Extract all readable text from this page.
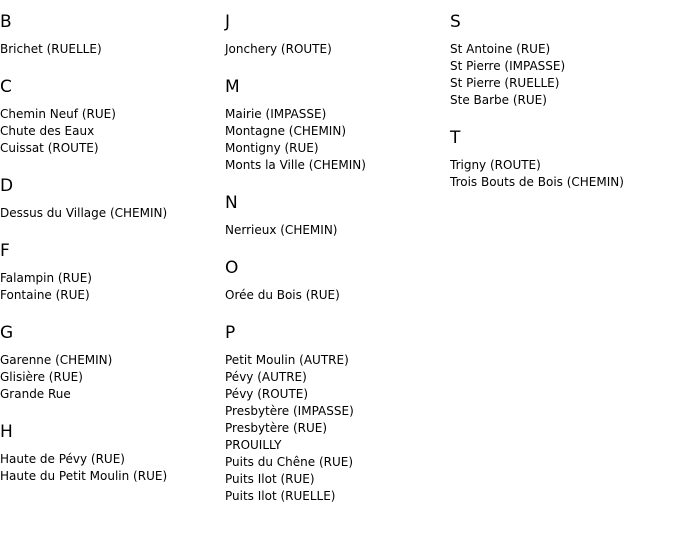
B
Brichet (RUELLE)
C
Chemin Neuf (RUE)
Chute des Eaux
Cuissat (ROUTE)
D
Dessus du Village (CHEMIN)
F
Falampin (RUE)
Fontaine (RUE)
G
Garenne (CHEMIN)
Glisière (RUE)
Grande Rue
H
Haute de Pévy (RUE)
Haute du Petit Moulin (RUE)
J
Jonchery (ROUTE)
M
Mairie (IMPASSE)
Montagne (CHEMIN)
Montigny (RUE)
Monts la Ville (CHEMIN)
N
Nerrieux (CHEMIN)
O
Orée du Bois (RUE)
P
Petit Moulin (AUTRE)
Pévy (AUTRE)
Pévy (ROUTE)
Presbytère (IMPASSE)
Presbytère (RUE)
PROUILLY
Puits du Chêne (RUE)
Puits Ilot (RUE)
Puits Ilot (RUELLE)
S
St Antoine (RUE)
St Pierre (IMPASSE)
St Pierre (RUELLE)
Ste Barbe (RUE)
T
Trigny (ROUTE)
Trois Bouts de Bois (CHEMIN)
